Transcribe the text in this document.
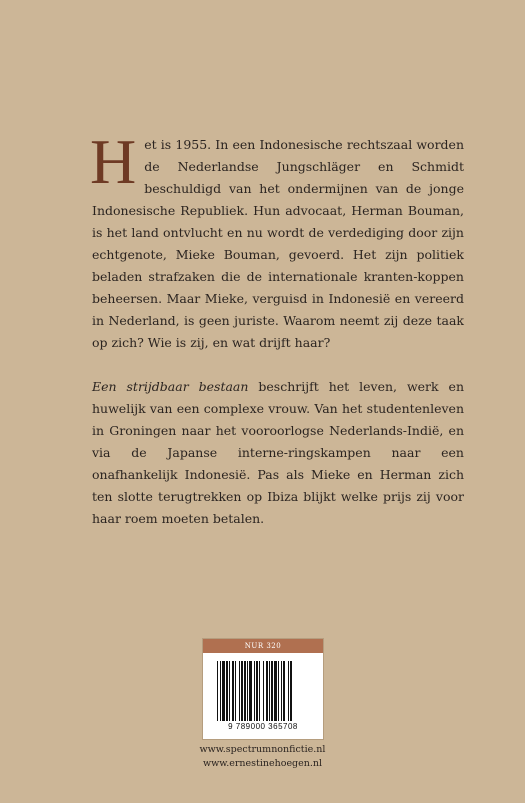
Het is 1955. In een Indonesische rechtszaal worden de Nederlandse Jungschläger en Schmidt beschuldigd van het ondermijnen van de jonge Indonesische Republiek. Hun advocaat, Herman Bouman, is het land ontvlucht en nu wordt de verdediging door zijn echtgenote, Mieke Bouman, gevoerd. Het zijn politiek beladen strafzaken die de internationale kranten-koppen beheersen. Maar Mieke, verguisd in Indonesië en vereerd in Nederland, is geen juriste. Waarom neemt zij deze taak op zich? Wie is zij, en wat drijft haar?

Een strijdbaar bestaan beschrijft het leven, werk en huwelijk van een complexe vrouw. Van het studentenleven in Groningen naar het vooroorlogse Nederlands-Indië, en via de Japanse interne-ringskampen naar een onafhankelijk Indonesië. Pas als Mieke en Herman zich ten slotte terugtrekken op Ibiza blijkt welke prijs zij voor haar roem moeten betalen.

NUR 320
9 789000 365708
www.spectrumnonfictie.nl
www.ernestinehoegen.nl
